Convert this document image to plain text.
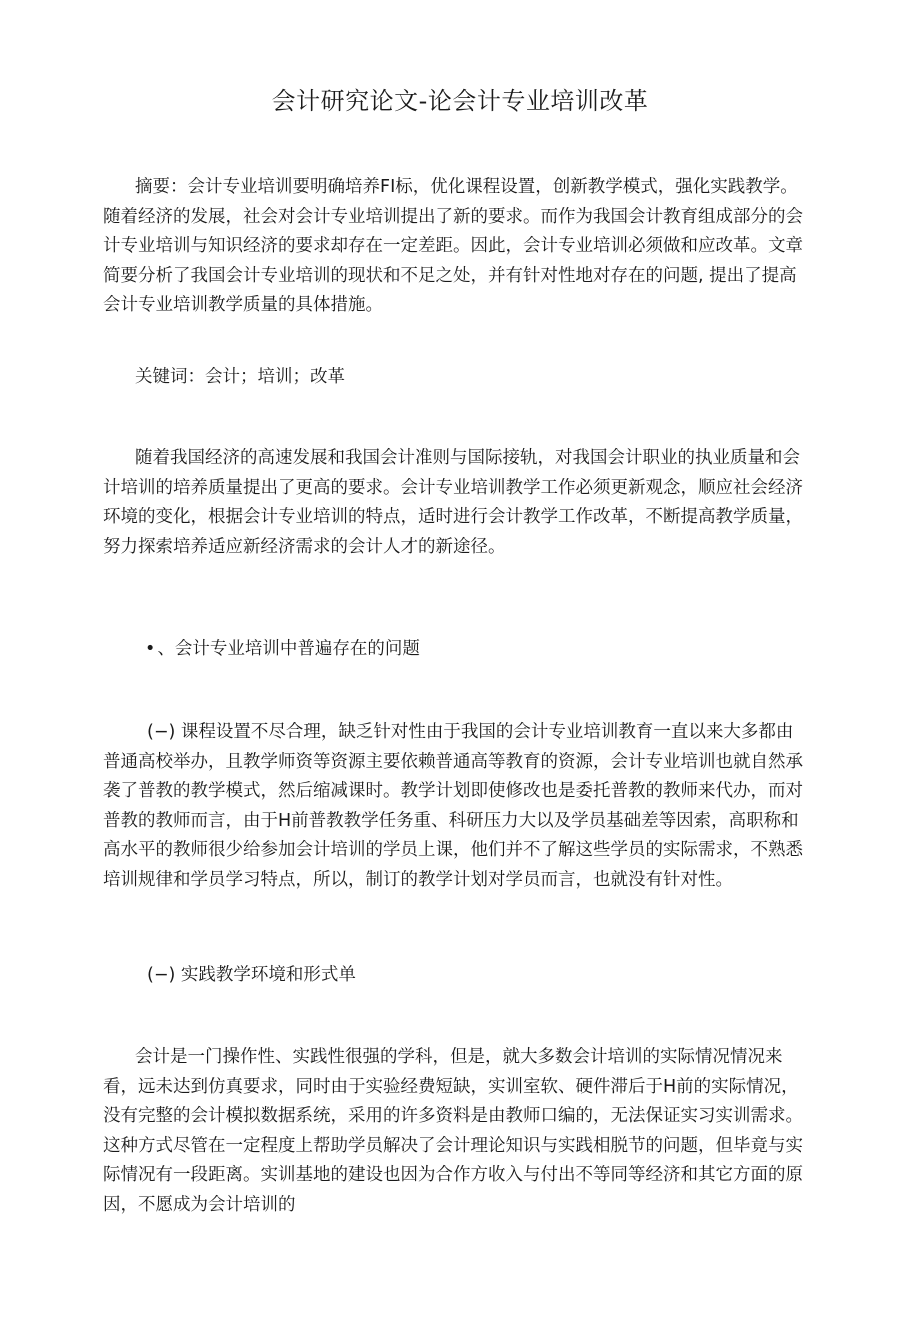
会计研究论文-论会计专业培训改革
摘要：会计专业培训要明确培养FI标，优化课程设置，创新教学模式，强化实践教学。随着经济的发展，社会对会计专业培训提出了新的要求。而作为我国会计教育组成部分的会计专业培训与知识经济的要求却存在一定差距。因此，会计专业培训必须做和应改革。文章简要分析了我国会计专业培训的现状和不足之处，并有针对性地对存在的问题, 提出了提高会计专业培训教学质量的具体措施。
关键词：会计；培训；改革
随着我国经济的高速发展和我国会计准则与国际接轨，对我国会计职业的执业质量和会计培训的培养质量提出了更高的要求。会计专业培训教学工作必须更新观念，顺应社会经济环境的变化，根据会计专业培训的特点，适时进行会计教学工作改革，不断提高教学质量，努力探索培养适应新经济需求的会计人才的新途径。
• 、会计专业培训中普遍存在的问题
(−) 课程设置不尽合理，缺乏针对性由于我国的会计专业培训教育一直以来大多都由普通高校举办，且教学师资等资源主要依赖普通高等教育的资源，会计专业培训也就自然承袭了普教的教学模式，然后缩减课时。教学计划即使修改也是委托普教的教师来代办，而对普教的教师而言，由于H前普教教学任务重、科研压力大以及学员基础差等因索，高职称和高水平的教师很少给参加会计培训的学员上课，他们并不了解这些学员的实际需求，不熟悉培训规律和学员学习特点，所以，制订的教学计划对学员而言，也就没有针对性。
(−) 实践教学环境和形式单
会计是一门操作性、实践性很强的学科，但是，就大多数会计培训的实际情况情况来看，远未达到仿真要求，同时由于实验经费短缺，实训室软、硬件滞后于H前的实际情况，没有完整的会计模拟数据系统，采用的许多资料是由教师口编的，无法保证实习实训需求。这种方式尽管在一定程度上帮助学员解决了会计理论知识与实践相脱节的问题，但毕竟与实际情况有一段距离。实训基地的建设也因为合作方收入与付出不等同等经济和其它方面的原因，不愿成为会计培训的
